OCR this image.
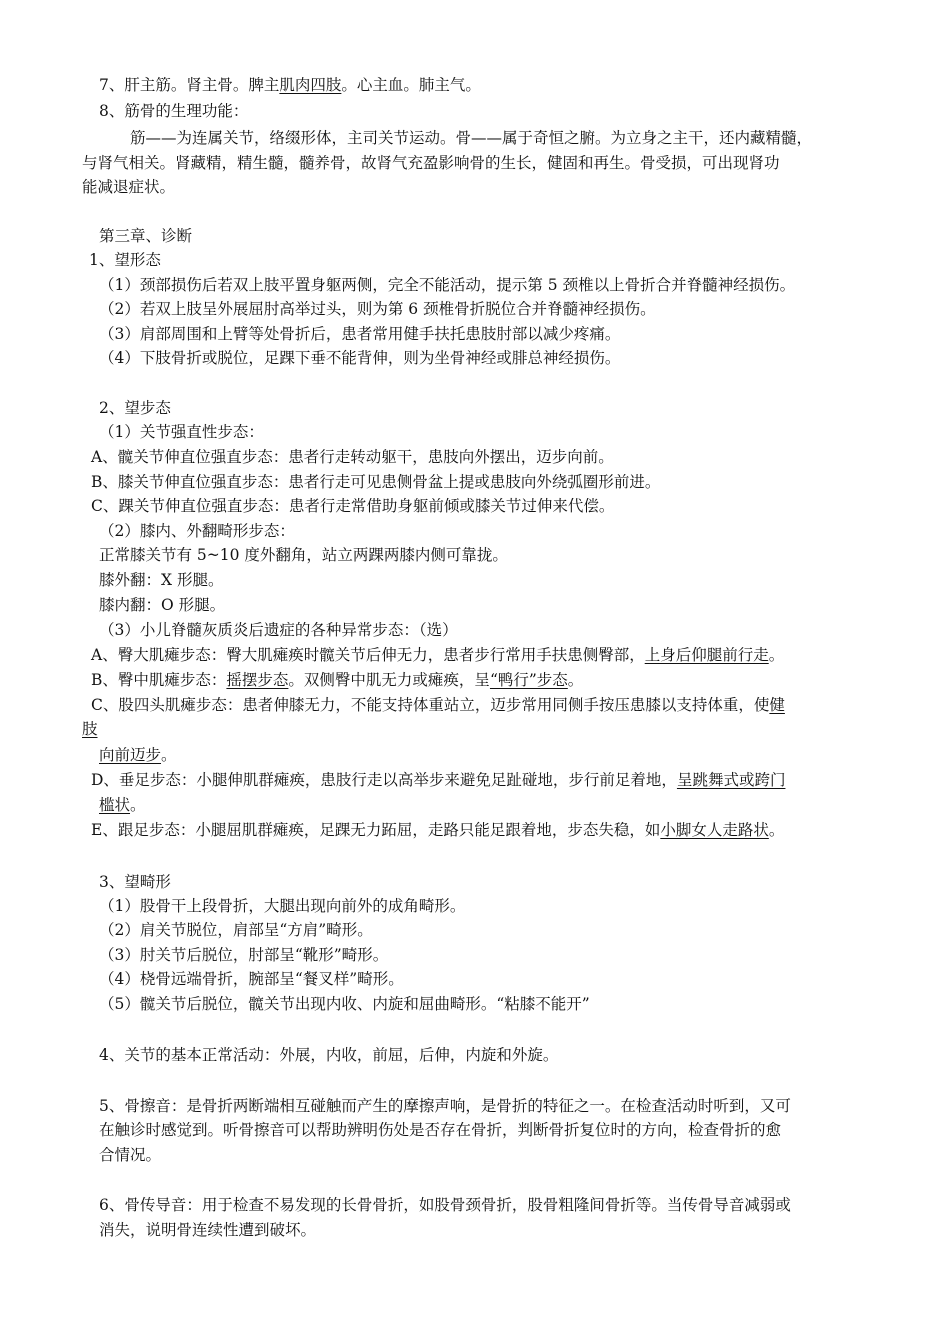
7、肝主筋。肾主骨。脾主肌肉四肢。心主血。肺主气。
8、筋骨的生理功能：
筋——为连属关节，络缀形体，主司关节运动。骨——属于奇恒之腑。为立身之主干，还内藏精髓，
与肾气相关。肾藏精，精生髓，髓养骨，故肾气充盈影响骨的生长，健固和再生。骨受损，可出现肾功
能减退症状。
第三章、诊断
1、望形态
（1）颈部损伤后若双上肢平置身躯两侧，完全不能活动，提示第 5 颈椎以上骨折合并脊髓神经损伤。
（2）若双上肢呈外展屈肘高举过头，则为第 6 颈椎骨折脱位合并脊髓神经损伤。
（3）肩部周围和上臂等处骨折后，患者常用健手扶托患肢肘部以减少疼痛。
（4）下肢骨折或脱位，足踝下垂不能背伸，则为坐骨神经或腓总神经损伤。
2、望步态
（1）关节强直性步态：
A、髋关节伸直位强直步态：患者行走转动躯干，患肢向外摆出，迈步向前。
B、膝关节伸直位强直步态：患者行走可见患侧骨盆上提或患肢向外绕弧圈形前进。
C、踝关节伸直位强直步态：患者行走常借助身躯前倾或膝关节过伸来代偿。
（2）膝内、外翻畸形步态：
正常膝关节有 5~10 度外翻角，站立两踝两膝内侧可靠拢。
膝外翻：X 形腿。
膝内翻：O 形腿。
（3）小儿脊髓灰质炎后遗症的各种异常步态：（选）
A、臀大肌瘫步态：臀大肌瘫痪时髋关节后伸无力，患者步行常用手扶患侧臀部，上身后仰腿前行走。
B、臀中肌瘫步态：摇摆步态。双侧臀中肌无力或瘫痪，呈“鸭行”步态。
C、股四头肌瘫步态：患者伸膝无力，不能支持体重站立，迈步常用同侧手按压患膝以支持体重，使健
肢
向前迈步。
D、垂足步态：小腿伸肌群瘫痪，患肢行走以高举步来避免足趾碰地，步行前足着地，呈跳舞式或跨门
槛状。
E、跟足步态：小腿屈肌群瘫痪，足踝无力跖屈，走路只能足跟着地，步态失稳，如小脚女人走路状。
3、望畸形
（1）股骨干上段骨折，大腿出现向前外的成角畸形。
（2）肩关节脱位，肩部呈“方肩”畸形。
（3）肘关节后脱位，肘部呈“靴形”畸形。
（4）桡骨远端骨折，腕部呈“餐叉样”畸形。
（5）髋关节后脱位，髋关节出现内收、内旋和屈曲畸形。“粘膝不能开”
4、关节的基本正常活动：外展，内收，前屈，后伸，内旋和外旋。
5、骨擦音：是骨折两断端相互碰触而产生的摩擦声响，是骨折的特征之一。在检查活动时听到，又可
在触诊时感觉到。听骨擦音可以帮助辨明伤处是否存在骨折，判断骨折复位时的方向，检查骨折的愈
合情况。
6、骨传导音：用于检查不易发现的长骨骨折，如股骨颈骨折，股骨粗隆间骨折等。当传骨导音减弱或
消失，说明骨连续性遭到破坏。
